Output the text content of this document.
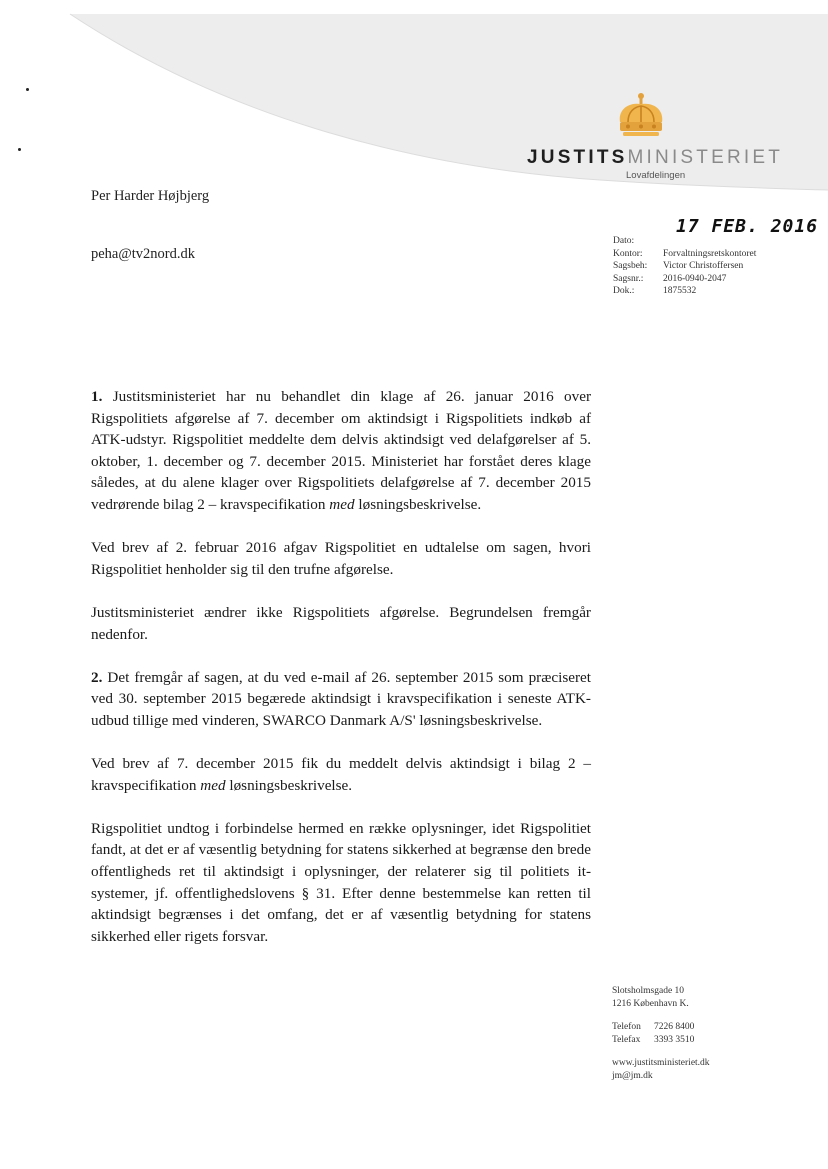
JUSTITSMINISTERIET
Lovafdelingen
Per Harder Højbjerg
peha@tv2nord.dk
17 FEB. 2016
Dato:
Kontor:	Forvaltningsretskontoret
Sagsbeh:	Victor Christoffersen
Sagsnr.:	2016-0940-2047
Dok.:	1875532

1. Justitsministeriet har nu behandlet din klage af 26. januar 2016 over Rigspolitiets afgørelse af 7. december om aktindsigt i Rigspolitiets indkøb af ATK-udstyr. Rigspolitiet meddelte dem delvis aktindsigt ved delafgørelser af 5. oktober, 1. december og 7. december 2015. Ministeriet har forstået deres klage således, at du alene klager over Rigspolitiets delafgørelse af 7. december 2015 vedrørende bilag 2 – kravspecifikation med løsningsbeskrivelse.

Ved brev af 2. februar 2016 afgav Rigspolitiet en udtalelse om sagen, hvori Rigspolitiet henholder sig til den trufne afgørelse.

Justitsministeriet ændrer ikke Rigspolitiets afgørelse. Begrundelsen fremgår nedenfor.

2. Det fremgår af sagen, at du ved e-mail af 26. september 2015 som præciseret ved 30. september 2015 begærede aktindsigt i kravspecifikation i seneste ATK-udbud tillige med vinderen, SWARCO Danmark A/S' løsningsbeskrivelse.

Ved brev af 7. december 2015 fik du meddelt delvis aktindsigt i bilag 2 – kravspecifikation med løsningsbeskrivelse.

Rigspolitiet undtog i forbindelse hermed en række oplysninger, idet Rigspolitiet fandt, at det er af væsentlig betydning for statens sikkerhed at begrænse den brede offentligheds ret til aktindsigt i oplysninger, der relaterer sig til politiets it-systemer, jf. offentlighedslovens § 31. Efter denne bestemmelse kan retten til aktindsigt begrænses i det omfang, det er af væsentlig betydning for statens sikkerhed eller rigets forsvar.

Slotsholmsgade 10
1216 København K.
Telefon	7226 8400
Telefax	3393 3510
www.justitsministeriet.dk
jm@jm.dk
